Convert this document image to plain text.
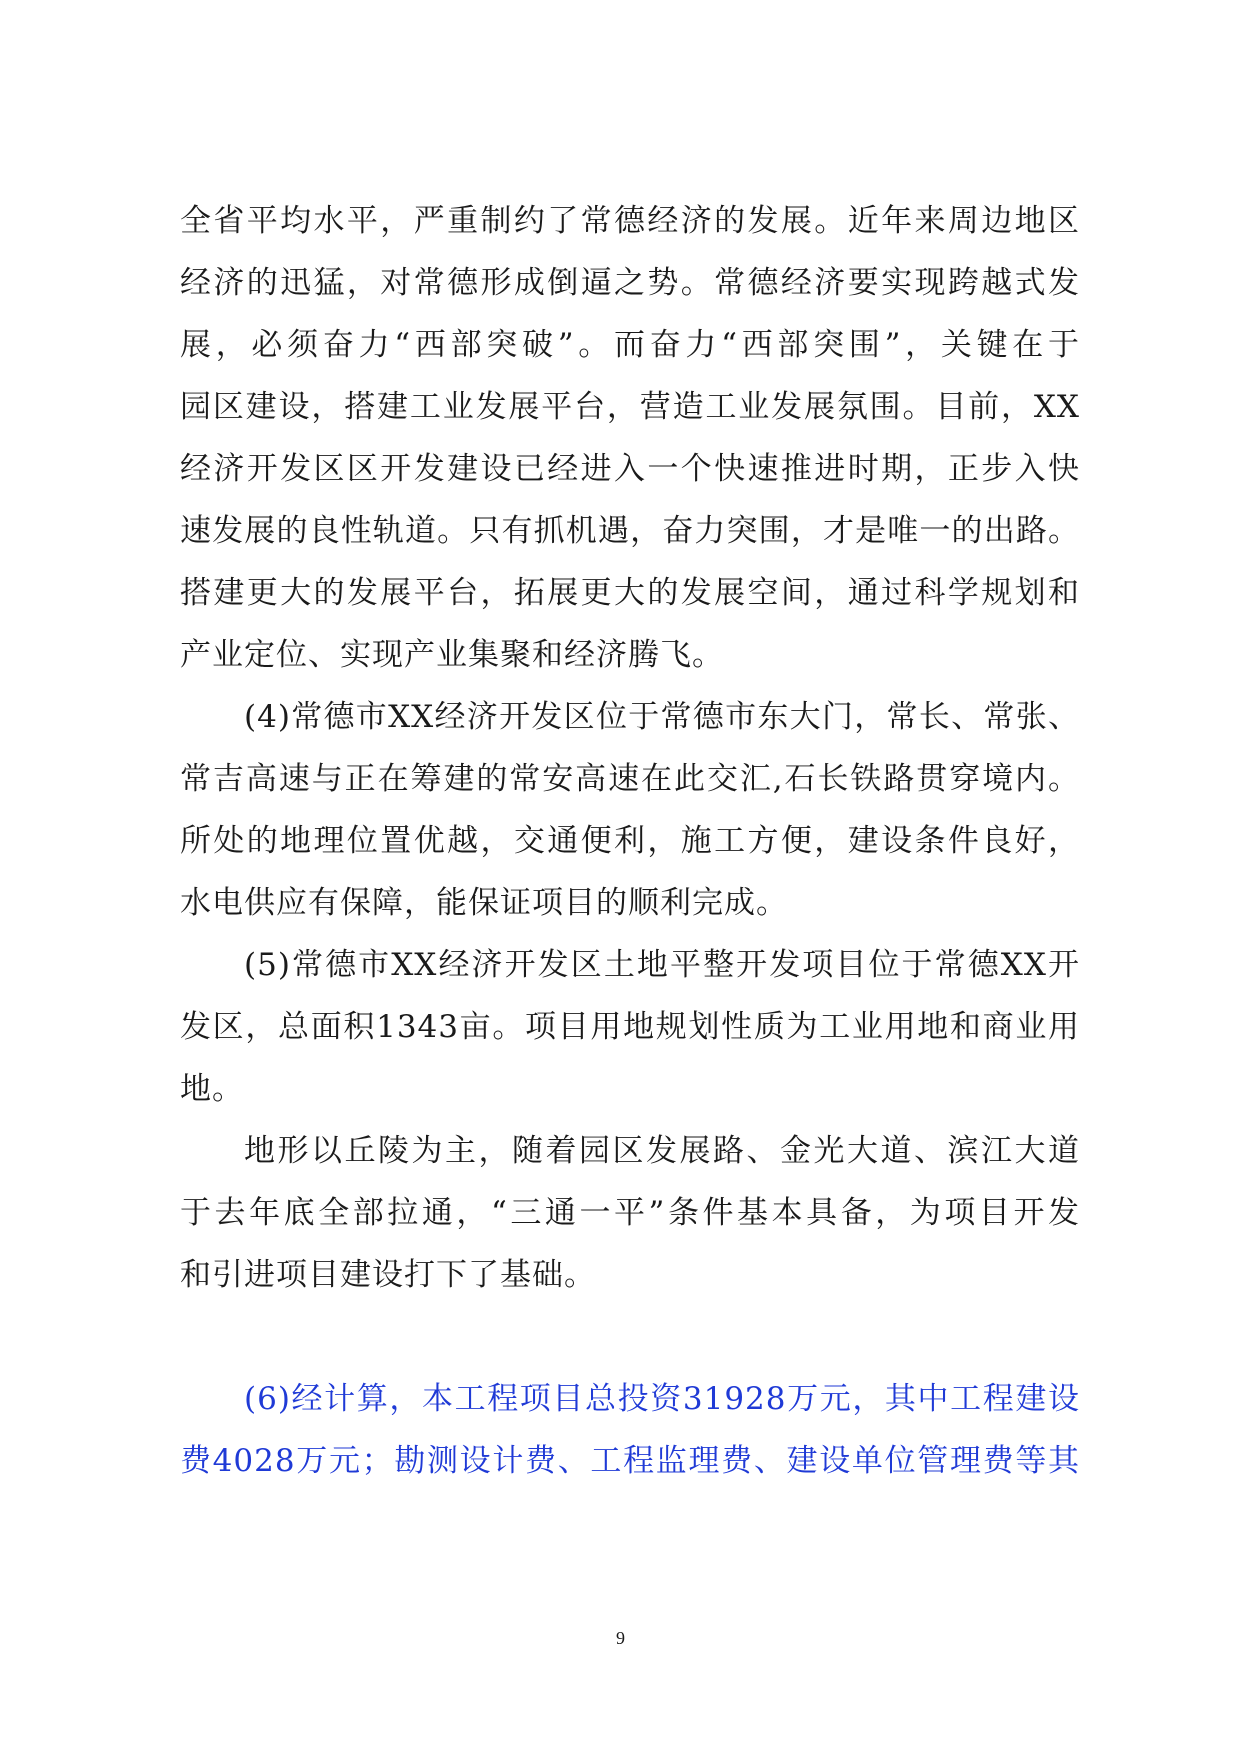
全省平均水平，严重制约了常德经济的发展。近年来周边地区
经济的迅猛，对常德形成倒逼之势。常德经济要实现跨越式发
展，必须奋力“西部突破”。而奋力“西部突围”，关键在于
园区建设，搭建工业发展平台，营造工业发展氛围。目前，XX
经济开发区区开发建设已经进入一个快速推进时期，正步入快
速发展的良性轨道。只有抓机遇，奋力突围，才是唯一的出路。
搭建更大的发展平台，拓展更大的发展空间，通过科学规划和
产业定位、实现产业集聚和经济腾飞。
(4)常德市XX经济开发区位于常德市东大门，常长、常张、
常吉高速与正在筹建的常安高速在此交汇,石长铁路贯穿境内。
所处的地理位置优越，交通便利，施工方便，建设条件良好，
水电供应有保障，能保证项目的顺利完成。
(5)常德市XX经济开发区土地平整开发项目位于常德XX开
发区，总面积1343亩。项目用地规划性质为工业用地和商业用
地。
地形以丘陵为主，随着园区发展路、金光大道、滨江大道
于去年底全部拉通，“三通一平”条件基本具备，为项目开发
和引进项目建设打下了基础。
(6)经计算，本工程项目总投资31928万元，其中工程建设
费4028万元；勘测设计费、工程监理费、建设单位管理费等其
9
